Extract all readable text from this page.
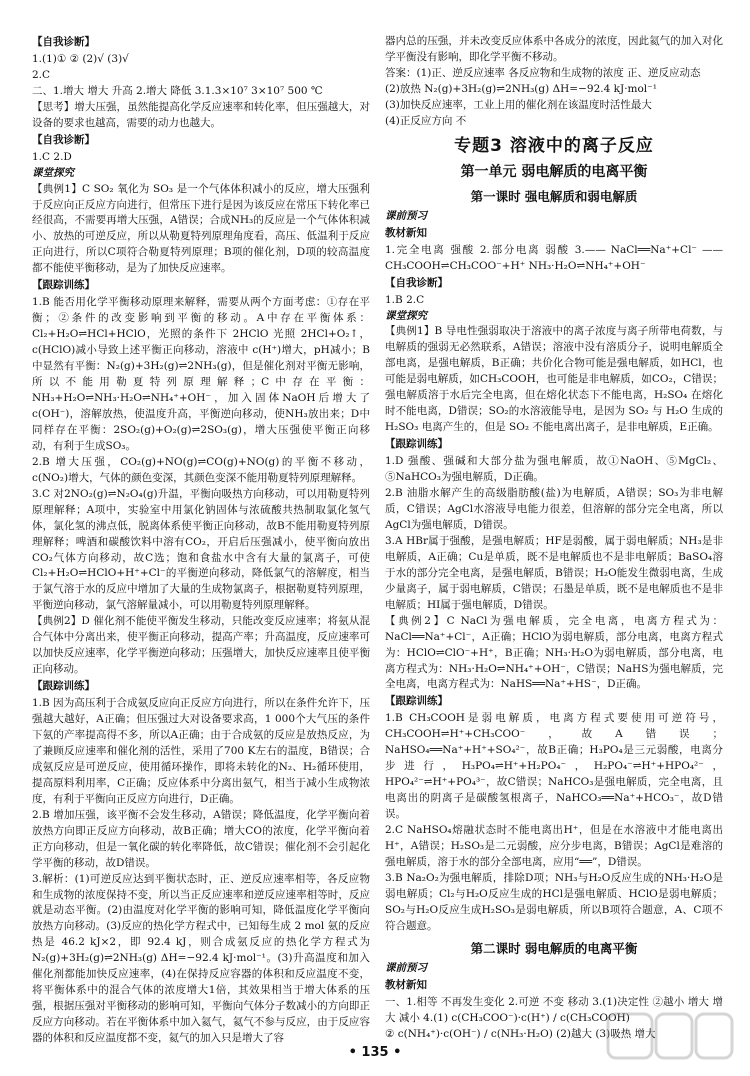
【自我诊断】
1.(1)① ② (2)√ (3)√
2.C
二、1.增大 增大 升高 2.增大 降低 3.1.3×10⁷ 3×10⁷ 500 ℃
【思考】增大压强，虽然能提高化学反应速率和转化率，但压强越大，对设备的要求也越高，需要的动力也越大。
【自我诊断】
1.C 2.D
课堂探究
【典例1】C SO₂ 氧化为 SO₃ 是一个气体体积减小的反应，增大压强利于反应向正反应方向进行，但常压下进行是因为该反应在常压下转化率已经很高，不需要再增大压强，A错误；合成NH₃的反应是一个气体体积减小、放热的可逆反应，所以从勒夏特列原理角度看，高压、低温利于反应正向进行，所以C项符合勒夏特列原理；B项的催化剂，D项的较高温度都不能使平衡移动，是为了加快反应速率。
【跟踪训练】
1.B 能否用化学平衡移动原理来解释，需要从两个方面考虑：①存在平衡；②条件的改变影响到平衡的移动。A中存在平衡体系：Cl₂+H₂O⇌HCl+HClO，光照的条件下 2HClO 光照 2HCl+O₂↑，c(HClO)减小导致上述平衡正向移动，溶液中 c(H⁺)增大，pH减小；B中显然有平衡：N₂(g)+3H₂(g)⇌2NH₃(g)，但是催化剂对平衡无影响，所以不能用勒夏特列原理解释；C中存在平衡：NH₃+H₂O⇌NH₃·H₂O⇌NH₄⁺+OH⁻，加入固体NaOH后增大了c(OH⁻)，溶解放热，使温度升高，平衡逆向移动，使NH₃放出来；D中同样存在平衡：2SO₂(g)+O₂(g)⇌2SO₃(g)，增大压强使平衡正向移动，有利于生成SO₃。
2.B 增大压强，CO₂(g)+NO(g)⇌CO(g)+NO(g)的平衡不移动，c(NO₂)增大，气体的颜色变深，其颜色变深不能用勒夏特列原理解释。
3.C 对2NO₂(g)⇌N₂O₄(g)升温，平衡向吸热方向移动，可以用勒夏特列原理解释；A项中，实验室中用氯化钠固体与浓硫酸共热制取氯化氢气体，氯化氢的沸点低，脱离体系使平衡正向移动，故B不能用勒夏特列原理解释；啤酒和碳酸饮料中溶有CO₂，开启后压强减小，使平衡向放出CO₂气体方向移动，故C选；饱和食盐水中含有大量的氯离子，可使Cl₂+H₂O⇌HClO+H⁺+Cl⁻的平衡逆向移动，降低氯气的溶解度，相当于氯气溶于水的反应中增加了大量的生成物氯离子，根据勒夏特列原理，平衡逆向移动，氯气溶解量减小，可以用勒夏特列原理解释。
【典例2】D 催化剂不能使平衡发生移动，只能改变反应速率；将氨从混合气体中分离出来，使平衡正向移动，提高产率；升高温度，反应速率可以加快反应速率，化学平衡逆向移动；压强增大，加快反应速率且使平衡正向移动。
【跟踪训练】
1.B 因为高压利于合成氨反应向正反应方向进行，所以在条件允许下，压强越大越好，A正确；但压强过大对设备要求高，1 000个大气压的条件下氨的产率提高得不多，所以A正确；由于合成氨的反应是放热反应，为了兼顾反应速率和催化剂的活性，采用了700 K左右的温度，B错误；合成氨反应是可逆反应，使用循环操作，即将未转化的N₂、H₂循环使用，提高原料利用率，C正确；反应体系中分离出氨气，相当于减小生成物浓度，有利于平衡向正反应方向进行，D正确。
2.B 增加压强，该平衡不会发生移动，A错误；降低温度，化学平衡向着放热方向即正反应方向移动，故B正确；增大CO的浓度，化学平衡向着正方向移动，但是一氧化碳的转化率降低，故C错误；催化剂不会引起化学平衡的移动，故D错误。
3.解析：(1)可逆反应达到平衡状态时，正、逆反应速率相等，各反应物和生成物的浓度保持不变，所以当正反应速率和逆反应速率相等时，反应就是动态平衡。(2)由温度对化学平衡的影响可知，降低温度化学平衡向放热方向移动。(3)反应的热化学方程式中，已知每生成 2 mol 氨的反应热是 46.2 kJ×2，即 92.4 kJ，则合成氨反应的热化学方程式为 N₂(g)+3H₂(g)⇌2NH₃(g) ΔH=−92.4 kJ·mol⁻¹。(3)升高温度和加入催化剂都能加快反应速率，(4)在保持反应容器的体积和反应温度不变，将平衡体系中的混合气体的浓度增大1倍，其效果相当于增大体系的压强，根据压强对平衡移动的影响可知，平衡向气体分子数减小的方向即正反应方向移动。若在平衡体系中加入氦气，氦气不参与反应，由于反应容器的体积和反应温度都不变，氦气的加入只是增大了容
器内总的压强，并未改变反应体系中各成分的浓度，因此氦气的加入对化学平衡没有影响，即化学平衡不移动。
答案：(1)正、逆反应速率 各反应物和生成物的浓度 正、逆反应动态
(2)放热 N₂(g)+3H₂(g)⇌2NH₃(g) ΔH=−92.4 kJ·mol⁻¹
(3)加快反应速率，工业上用的催化剂在该温度时活性最大
(4)正反应方向 不
专题3 溶液中的离子反应
第一单元 弱电解质的电离平衡
第一课时 强电解质和弱电解质
课前预习
教材新知
1.完全电离 强酸 2.部分电离 弱酸 3.—— NaCl══Na⁺+Cl⁻ —— CH₃COOH⇌CH₃COO⁻+H⁺ NH₃·H₂O⇌NH₄⁺+OH⁻
【自我诊断】
1.B 2.C
课堂探究
【典例1】B 导电性强弱取决于溶液中的离子浓度与离子所带电荷数，与电解质的强弱无必然联系，A错误；溶液中没有溶质分子，说明电解质全部电离，是强电解质，B正确；共价化合物可能是强电解质，如HCl，也可能是弱电解质，如CH₃COOH，也可能是非电解质，如CO₂，C错误；强电解质溶于水后完全电离，但在熔化状态下不能电离，H₂SO₄ 在熔化时不能电离，D错误；SO₂的水溶液能导电，是因为 SO₂ 与 H₂O 生成的 H₂SO₃ 电离产生的，但是 SO₂ 不能电离出离子，是非电解质，E正确。
【跟踪训练】
1.D 强酸、强碱和大部分盐为强电解质，故①NaOH、⑤MgCl₂、⑤NaHCO₃为强电解质，D正确。
2.B 油脂水解产生的高级脂肪酸(盐)为电解质，A错误；SO₃为非电解质，C错误；AgCl水溶液导电能力很差，但溶解的部分完全电离，所以AgCl为强电解质，D错误。
3.A HBr属于强酸，是强电解质；HF是弱酸，属于弱电解质；NH₃是非电解质，A正确；Cu是单质，既不是电解质也不是非电解质；BaSO₄溶于水的部分完全电离，是强电解质，B错误；H₂O能发生微弱电离，生成少量离子，属于弱电解质，C错误；石墨是单质，既不是电解质也不是非电解质；HI属于强电解质，D错误。
【典例2】C NaCl为强电解质，完全电离，电离方程式为：NaCl══Na⁺+Cl⁻，A正确；HClO为弱电解质，部分电离，电离方程式为：HClO⇌ClO⁻+H⁺，B正确；NH₃·H₂O为弱电解质，部分电离，电离方程式为：NH₃·H₂O⇌NH₄⁺+OH⁻，C错误；NaHS为强电解质，完全电离，电离方程式为：NaHS══Na⁺+HS⁻，D正确。
【跟踪训练】
1.B CH₃COOH是弱电解质，电离方程式要使用可逆符号，CH₃COOH⇌H⁺+CH₃COO⁻，故A错误；NaHSO₄══Na⁺+H⁺+SO₄²⁻，故B正确；H₃PO₄是三元弱酸，电离分步进行，H₃PO₄⇌H⁺+H₂PO₄⁻，H₂PO₄⁻⇌H⁺+HPO₄²⁻，HPO₄²⁻⇌H⁺+PO₄³⁻，故C错误；NaHCO₃是强电解质，完全电离，且电离出的阴离子是碳酸氢根离子，NaHCO₃══Na⁺+HCO₃⁻，故D错误。
2.C NaHSO₄熔融状态时不能电离出H⁺，但是在水溶液中才能电离出H⁺，A错误；H₂SO₃是二元弱酸，应分步电离，B错误；AgCl是难溶的强电解质，溶于水的部分全部电离，应用“══”，D错误。
3.B Na₂O₂为强电解质，排除D项；NH₃与H₂O反应生成的NH₃·H₂O是弱电解质；Cl₂与H₂O反应生成的HCl是强电解质、HClO是弱电解质；SO₂与H₂O反应生成H₂SO₃是弱电解质，所以B项符合题意，A、C项不符合题意。
第二课时 弱电解质的电离平衡
课前预习
教材新知
一、1.相等 不再发生变化 2.可逆 不变 移动 3.(1)决定性 ②越小 增大 增大 减小 4.(1) c(CH₃COO⁻)·c(H⁺) / c(CH₃COOH)
② c(NH₄⁺)·c(OH⁻) / c(NH₃·H₂O) (2)越大 (3)吸热 增大
• 135 •
